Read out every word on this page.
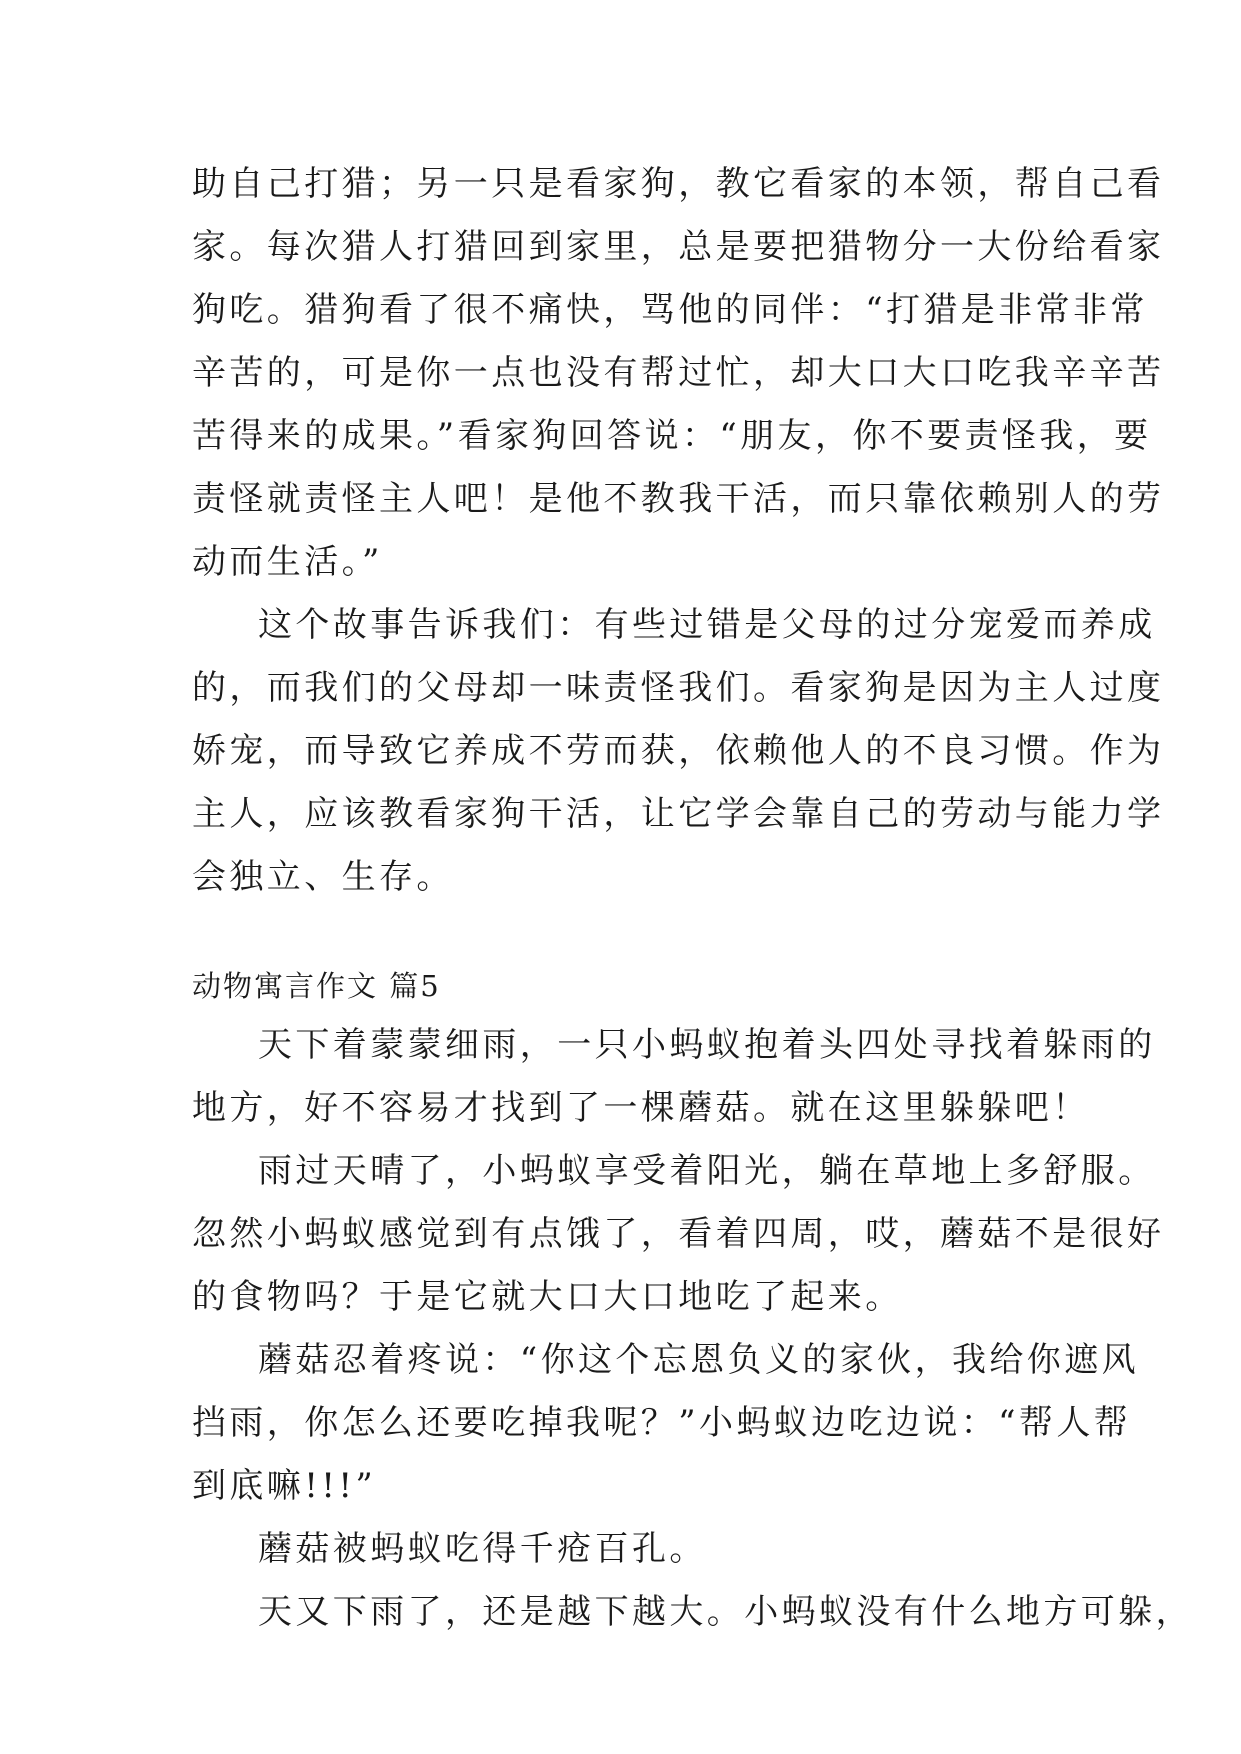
助自己打猎；另一只是看家狗，教它看家的本领，帮自己看

家。每次猎人打猎回到家里，总是要把猎物分一大份给看家

狗吃。猎狗看了很不痛快，骂他的同伴：“打猎是非常非常

辛苦的，可是你一点也没有帮过忙，却大口大口吃我辛辛苦

苦得来的成果。”看家狗回答说：“朋友，你不要责怪我，要

责怪就责怪主人吧！是他不教我干活，而只靠依赖别人的劳

动而生活。”

这个故事告诉我们：有些过错是父母的过分宠爱而养成

的，而我们的父母却一味责怪我们。看家狗是因为主人过度

娇宠，而导致它养成不劳而获，依赖他人的不良习惯。作为

主人，应该教看家狗干活，让它学会靠自己的劳动与能力学

会独立、生存。

动物寓言作文 篇5

天下着蒙蒙细雨，一只小蚂蚁抱着头四处寻找着躲雨的

地方，好不容易才找到了一棵蘑菇。就在这里躲躲吧！

雨过天晴了，小蚂蚁享受着阳光，躺在草地上多舒服。

忽然小蚂蚁感觉到有点饿了，看着四周，哎，蘑菇不是很好

的食物吗？于是它就大口大口地吃了起来。

蘑菇忍着疼说：“你这个忘恩负义的家伙，我给你遮风

挡雨，你怎么还要吃掉我呢？”小蚂蚁边吃边说：“帮人帮

到底嘛!!!”

蘑菇被蚂蚁吃得千疮百孔。

天又下雨了，还是越下越大。小蚂蚁没有什么地方可躲，
